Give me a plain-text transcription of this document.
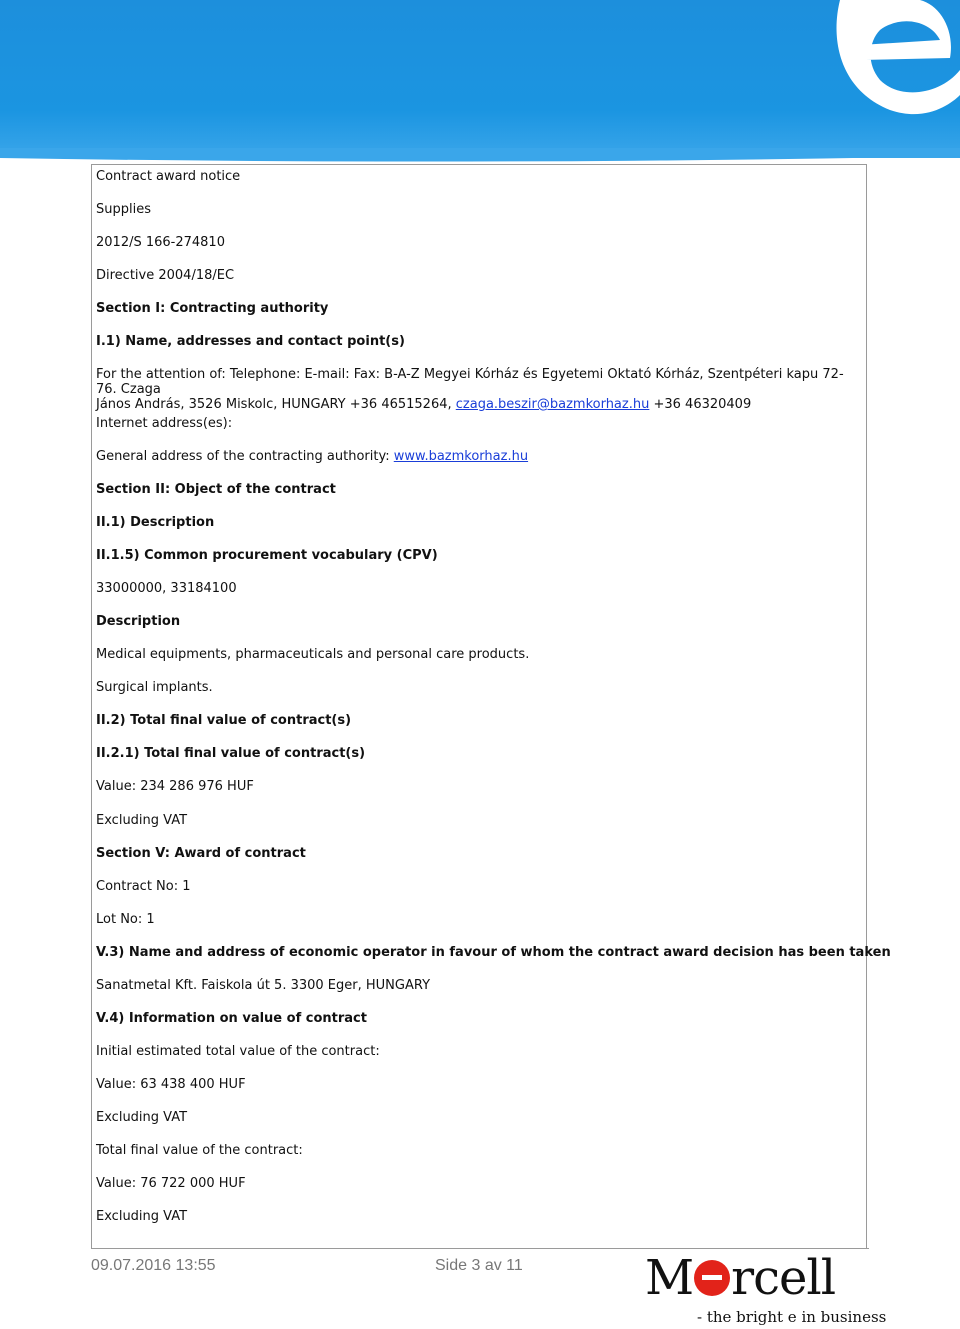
Contract award notice
Supplies
2012/S 166-274810
Directive 2004/18/EC
Section I: Contracting authority
I.1) Name, addresses and contact point(s)
For the attention of: Telephone: E-mail: Fax: B-A-Z Megyei Kórház és Egyetemi Oktató Kórház, Szentpéteri kapu 72-76. Czaga
János András, 3526 Miskolc, HUNGARY +36 46515264, czaga.beszir@bazmkorhaz.hu +36 46320409
Internet address(es):
General address of the contracting authority: www.bazmkorhaz.hu
Section II: Object of the contract
II.1) Description
II.1.5) Common procurement vocabulary (CPV)
33000000, 33184100
Description
Medical equipments, pharmaceuticals and personal care products.
Surgical implants.
II.2) Total final value of contract(s)
II.2.1) Total final value of contract(s)
Value: 234 286 976 HUF
Excluding VAT
Section V: Award of contract
Contract No: 1
Lot No: 1
V.3) Name and address of economic operator in favour of whom the contract award decision has been taken
Sanatmetal Kft. Faiskola út 5. 3300 Eger, HUNGARY
V.4) Information on value of contract
Initial estimated total value of the contract:
Value: 63 438 400 HUF
Excluding VAT
Total final value of the contract:
Value: 76 722 000 HUF
Excluding VAT
09.07.2016 13:55	Side 3 av 11	M rcell
- the bright e in business
